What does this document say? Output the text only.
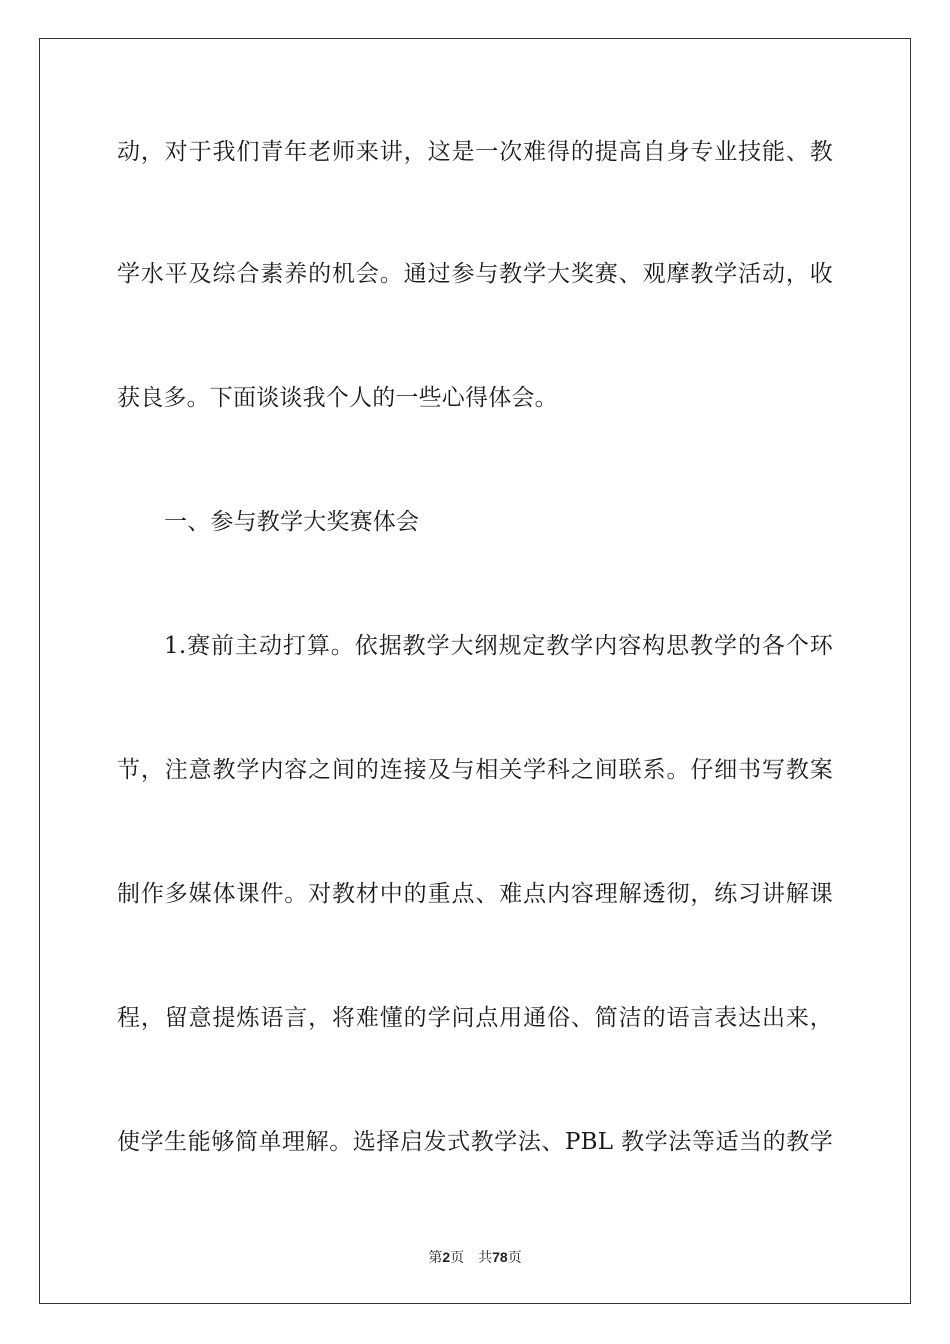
动，对于我们青年老师来讲，这是一次难得的提高自身专业技能、教
学水平及综合素养的机会。通过参与教学大奖赛、观摩教学活动，收
获良多。下面谈谈我个人的一些心得体会。
一、参与教学大奖赛体会
1.赛前主动打算。依据教学大纲规定教学内容构思教学的各个环
节，注意教学内容之间的连接及与相关学科之间联系。仔细书写教案
制作多媒体课件。对教材中的重点、难点内容理解透彻，练习讲解课
程，留意提炼语言，将难懂的学问点用通俗、简洁的语言表达出来，
使学生能够简单理解。选择启发式教学法、PBL 教学法等适当的教学
第2页 共78页
